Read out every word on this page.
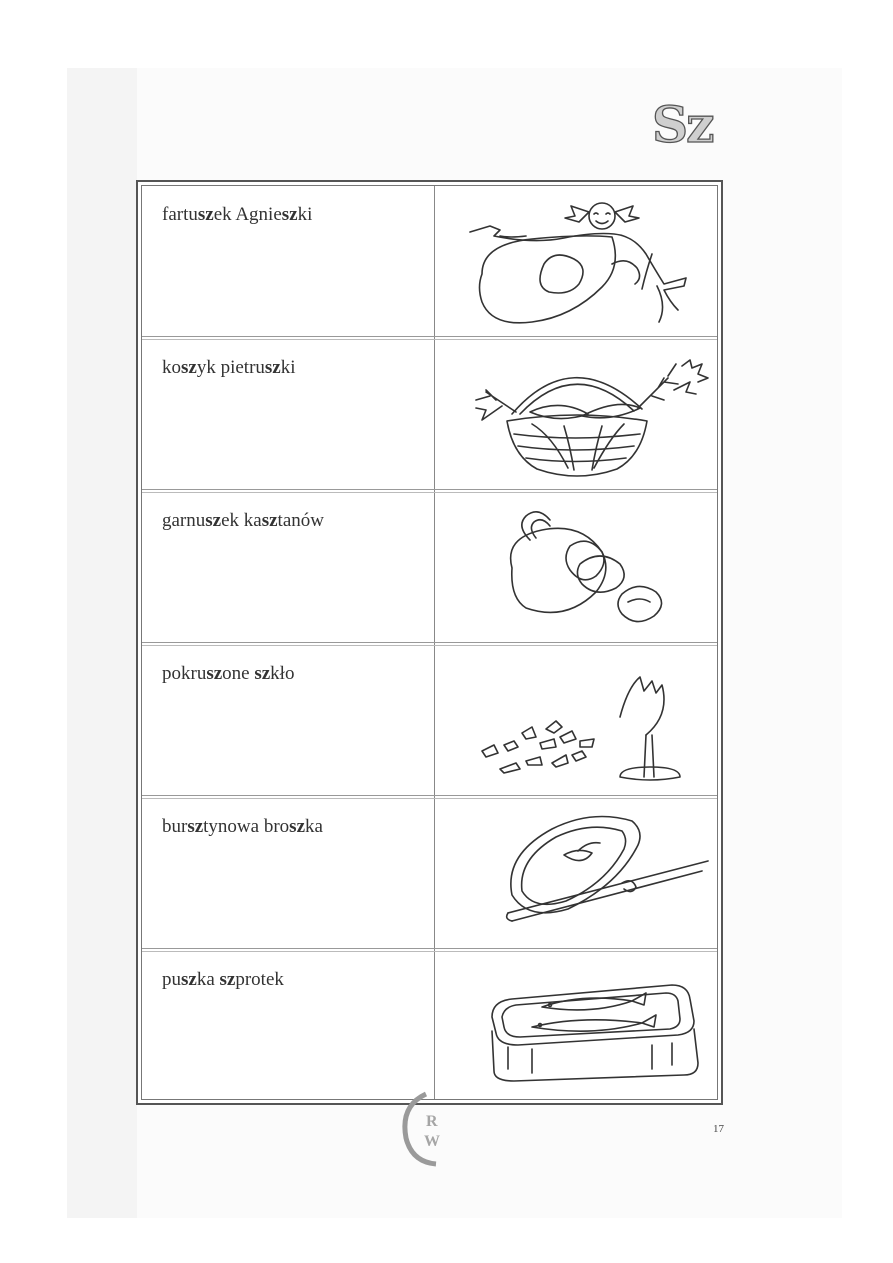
Sz
fartuszek Agnieszki
koszyk pietruszki
garnuszek kasztanów
pokruszone szkło
bursztynowa broszka
puszka szprotek
R
W
17
